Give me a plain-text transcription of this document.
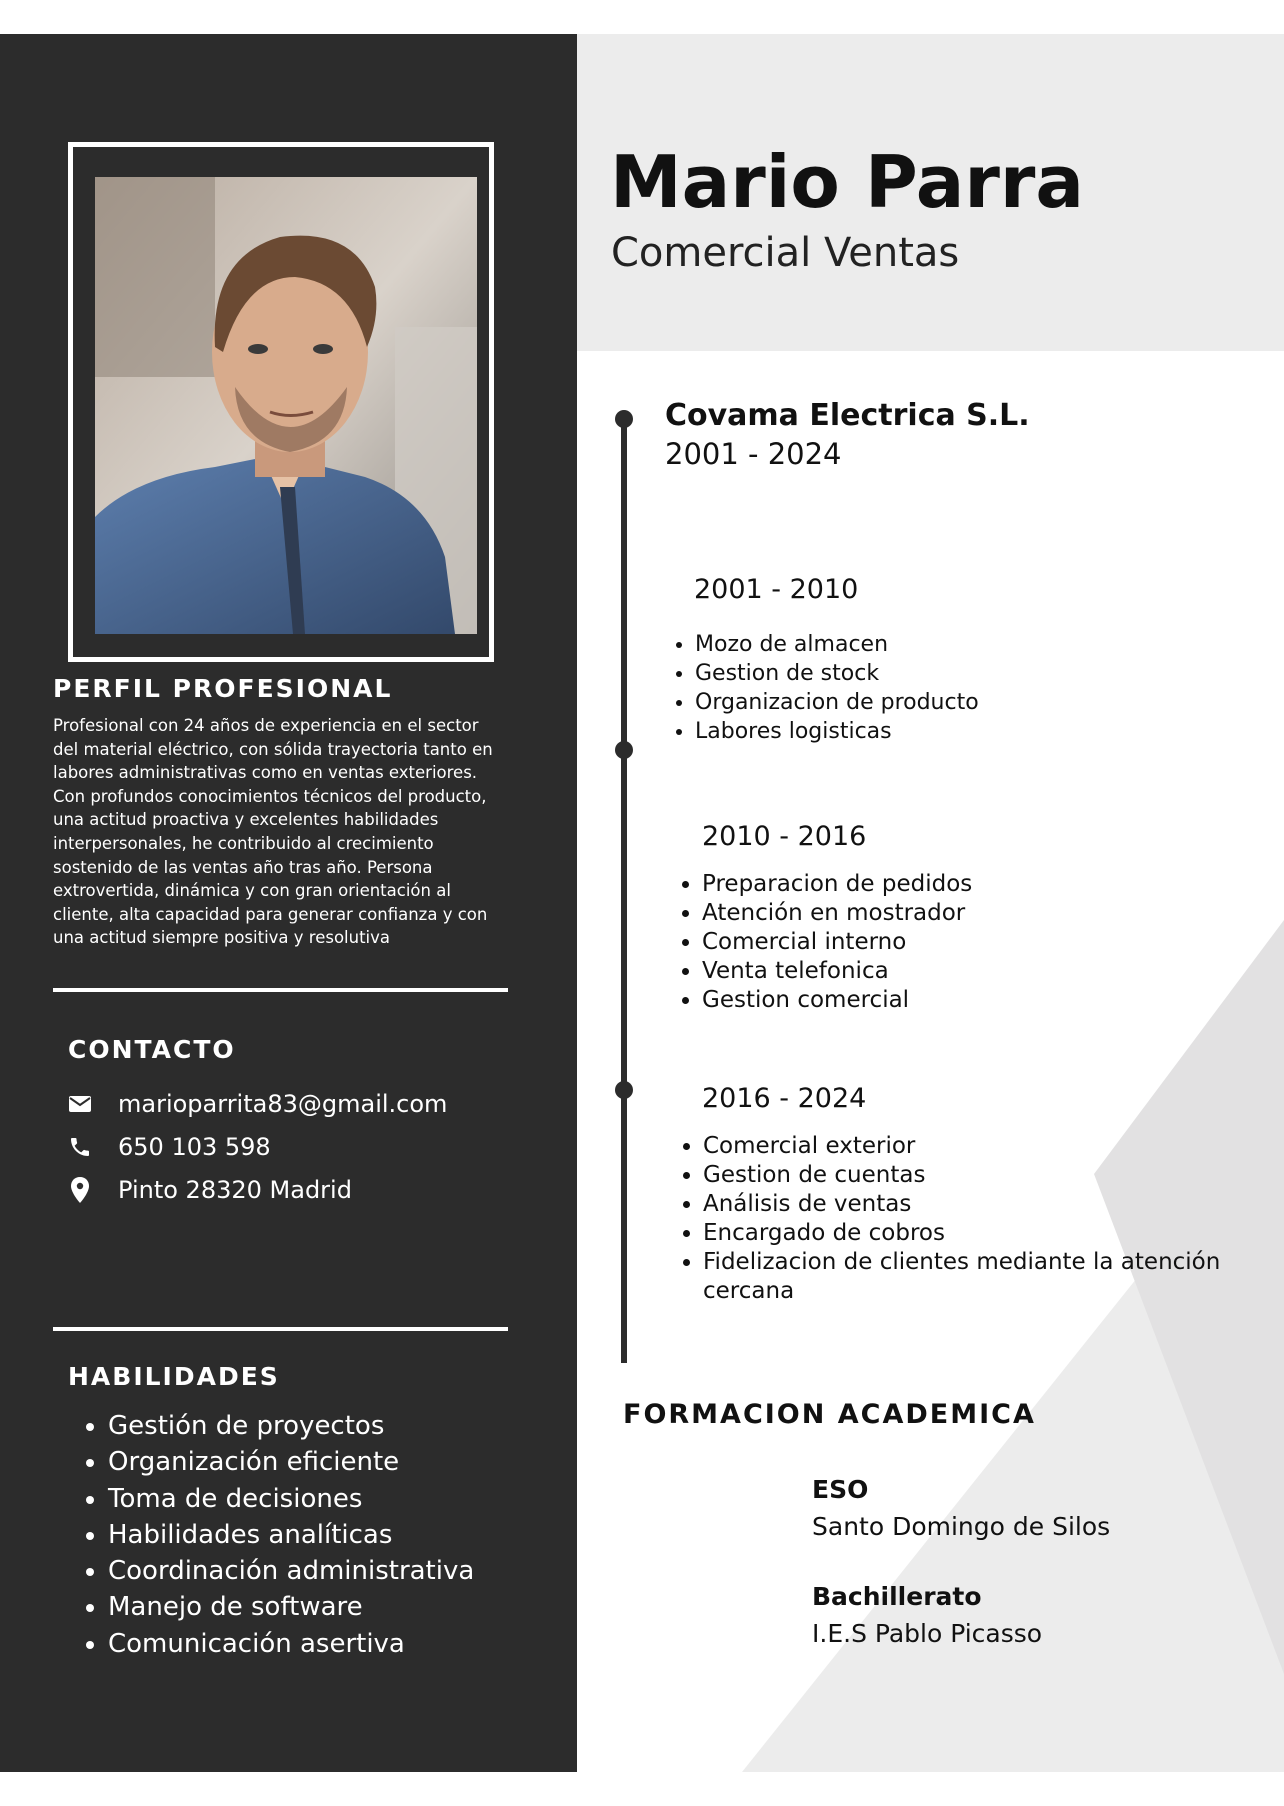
PERFIL PROFESIONAL

Profesional con 24 años de experiencia en el sector del material eléctrico, con sólida trayectoria tanto en labores administrativas como en ventas exteriores. Con profundos conocimientos técnicos del producto, una actitud proactiva y excelentes habilidades interpersonales, he contribuido al crecimiento sostenido de las ventas año tras año. Persona extrovertida, dinámica y con gran orientación al cliente, alta capacidad para generar confianza y con una actitud siempre positiva y resolutiva

CONTACTO
marioparrita83@gmail.com
650 103 598
Pinto 28320 Madrid
HABILIDADES
• Gestión de proyectos
• Organización eficiente
• Toma de decisiones
• Habilidades analíticas
• Coordinación administrativa
• Manejo de software
• Comunicación asertiva
Mario Parra
Comercial Ventas
Covama Electrica S.L.

2001 - 2024

2001 - 2010

• Mozo de almacen
• Gestion de stock
• Organizacion de producto
• Labores logisticas

2010 - 2016

• Preparacion de pedidos
• Atención en mostrador
• Comercial interno
• Venta telefonica
• Gestion comercial

2016 - 2024

• Comercial exterior
• Gestion de cuentas
• Análisis de ventas
• Encargado de cobros
• Fidelizacion de clientes mediante la atención cercana
FORMACION ACADEMICA

ESO

Santo Domingo de Silos

Bachillerato

I.E.S Pablo Picasso
